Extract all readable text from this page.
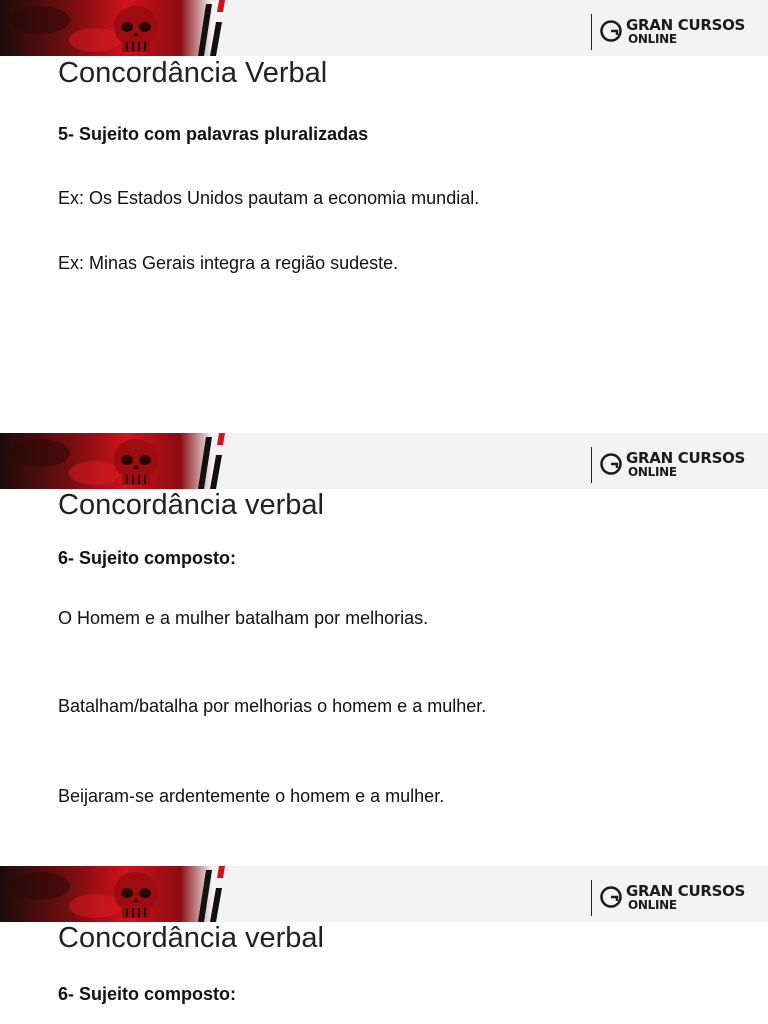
GRAN CURSOS
ONLINE
Concordância Verbal
5- Sujeito com palavras pluralizadas
Ex: Os Estados Unidos pautam a economia mundial.
Ex: Minas Gerais integra a região sudeste.
GRAN CURSOS
ONLINE
Concordância verbal
6- Sujeito composto:
O Homem e a mulher batalham por melhorias.
Batalham/batalha por melhorias o homem e a mulher.
Beijaram-se ardentemente o homem e a mulher.
GRAN CURSOS
ONLINE
Concordância verbal
6- Sujeito composto:
